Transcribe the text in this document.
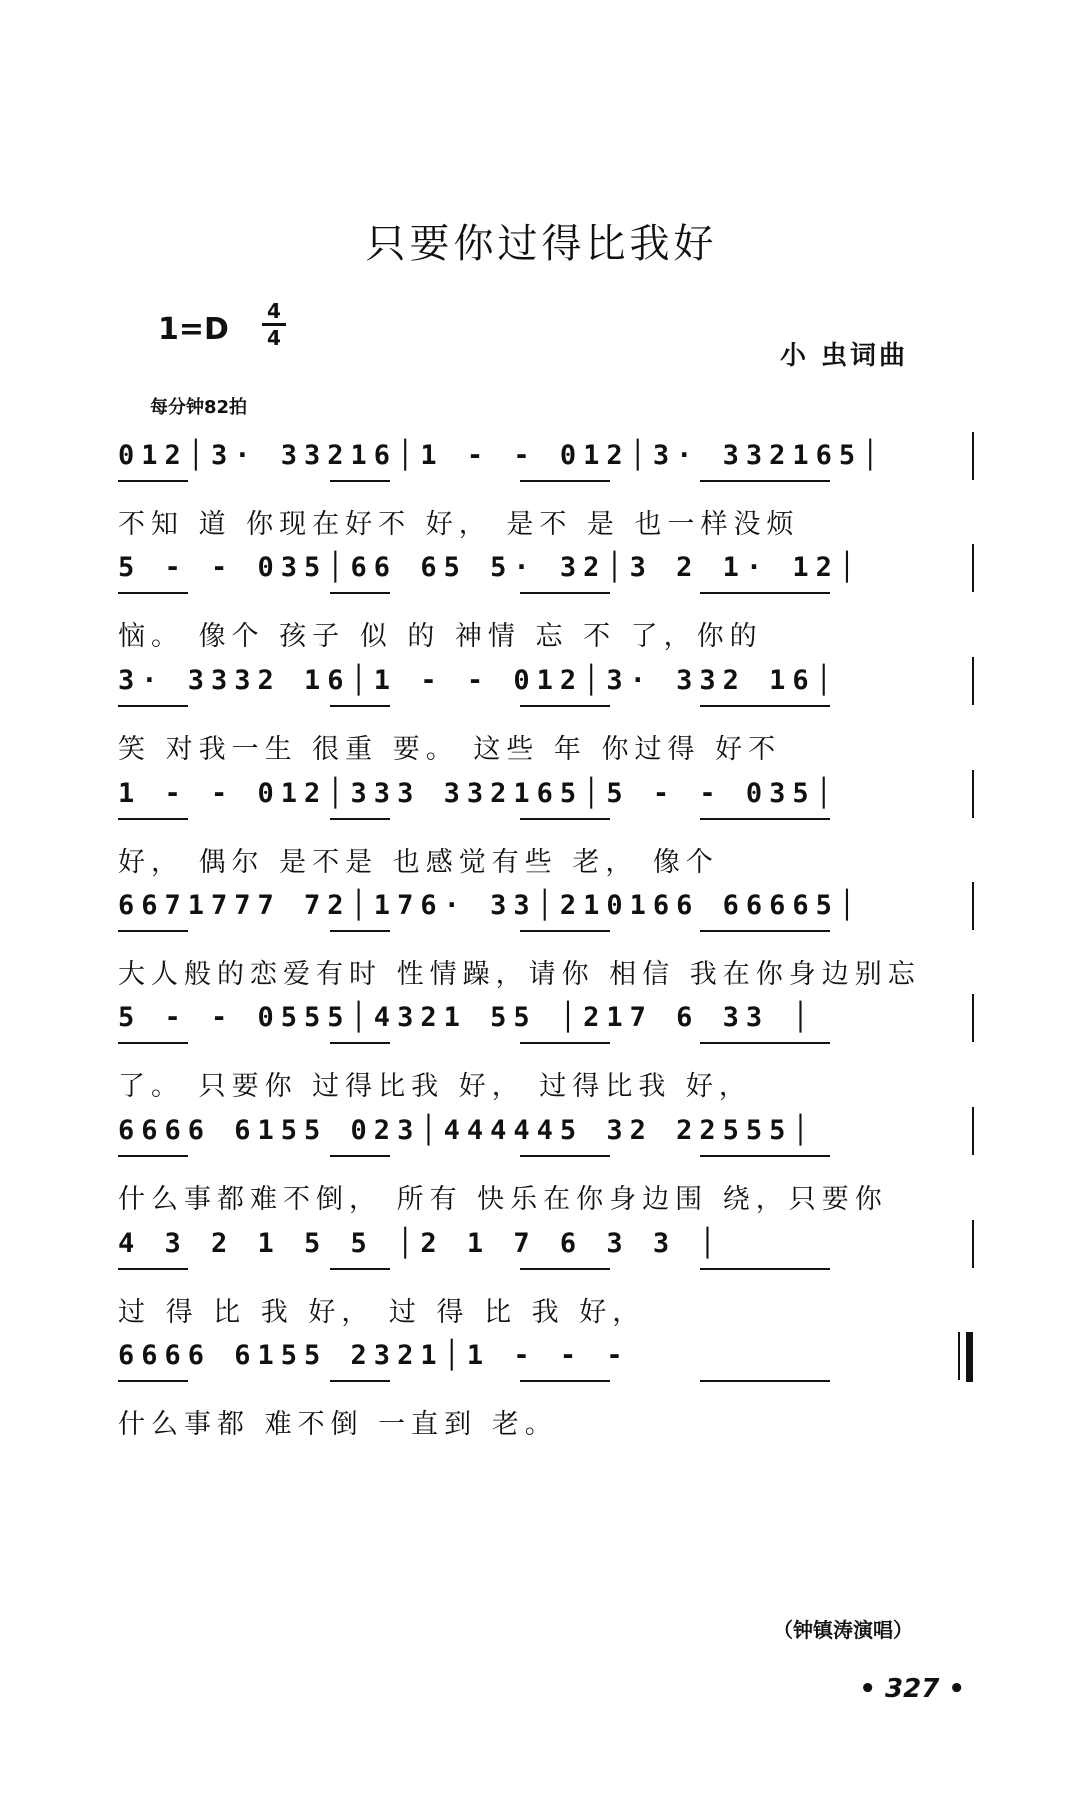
只要你过得比我好
1=D
4
4
小 虫词曲
每分钟82拍
012│3· 33216│1 - - 012│3· 332165│
不知 道 你现在好不 好， 是不 是 也一样没烦
5 - - 035│66 65 5· 32│3 2 1· 12│
恼。 像个 孩子 似 的 神情 忘 不 了，你的
3· 3332 16│1 - - 012│3· 332 16│
笑 对我一生 很重 要。 这些 年 你过得 好不
1 - - 012│333 332165│5 - - 035│
好， 偶尔 是不是 也感觉有些 老， 像个
6671777 72│176· 33│210166 66665│
大人般的恋爱有时 性情躁，请你 相信 我在你身边别忘
5 - - 0555│4321 55 │217 6 33 │
了。 只要你 过得比我 好， 过得比我 好，
6666 6155 023│444445 32 22555│
什么事都难不倒， 所有 快乐在你身边围 绕，只要你
4 3 2 1 5 5 │2 1 7 6 3 3 │
过 得 比 我 好， 过 得 比 我 好，
6666 6155 2321│1 - - -
什么事都 难不倒 一直到 老。
（钟镇涛演唱）
• 327 •
